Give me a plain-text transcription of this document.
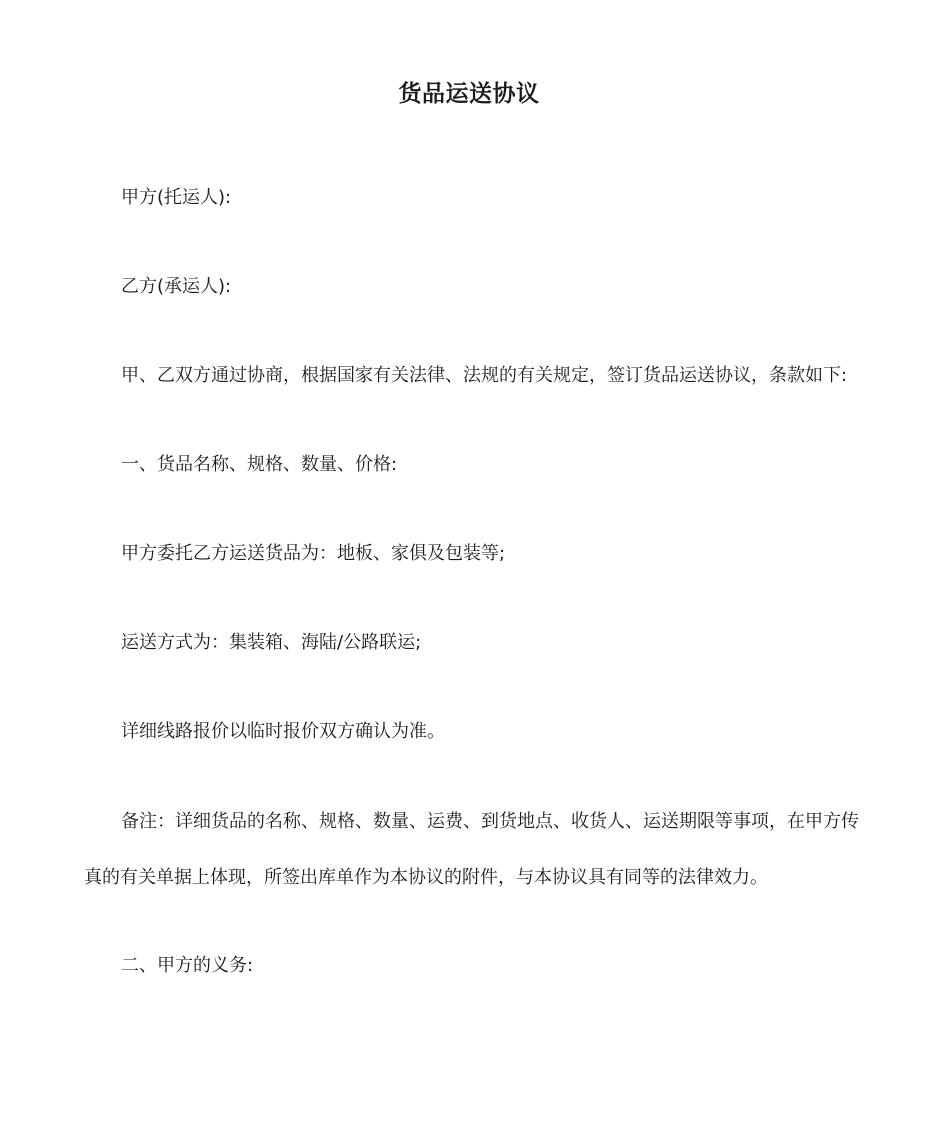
货品运送协议
甲方(托运人):
乙方(承运人):
甲、乙双方通过协商，根据国家有关法律、法规的有关规定，签订货品运送协议，条款如下:
一、货品名称、规格、数量、价格:
甲方委托乙方运送货品为：地板、家俱及包装等;
运送方式为：集装箱、海陆/公路联运;
详细线路报价以临时报价双方确认为准。
备注：详细货品的名称、规格、数量、运费、到货地点、收货人、运送期限等事项，在甲方传真的有关单据上体现，所签出库单作为本协议的附件，与本协议具有同等的法律效力。
二、甲方的义务:
